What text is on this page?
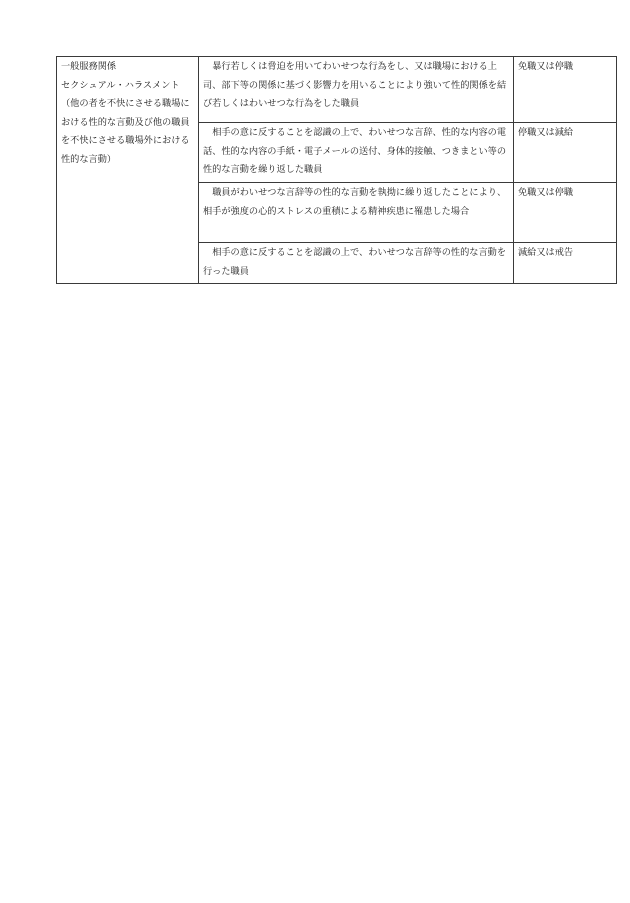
一般服務関係
セクシュアル・ハラスメント
（他の者を不快にさせる職場における性的な言動及び他の職員を不快にさせる職場外における性的な言動）	暴行若しくは脅迫を用いてわいせつな行為をし、又は職場における上司、部下等の関係に基づく影響力を用いることにより強いて性的関係を結び若しくはわいせつな行為をした職員	免職又は停職
	相手の意に反することを認識の上で、わいせつな言辞、性的な内容の電話、性的な内容の手紙・電子メールの送付、身体的接触、つきまとい等の性的な言動を繰り返した職員	停職又は減給
	職員がわいせつな言辞等の性的な言動を執拗に繰り返したことにより、相手が強度の心的ストレスの重積による精神疾患に罹患した場合	免職又は停職
	相手の意に反することを認識の上で、わいせつな言辞等の性的な言動を行った職員	減給又は戒告
